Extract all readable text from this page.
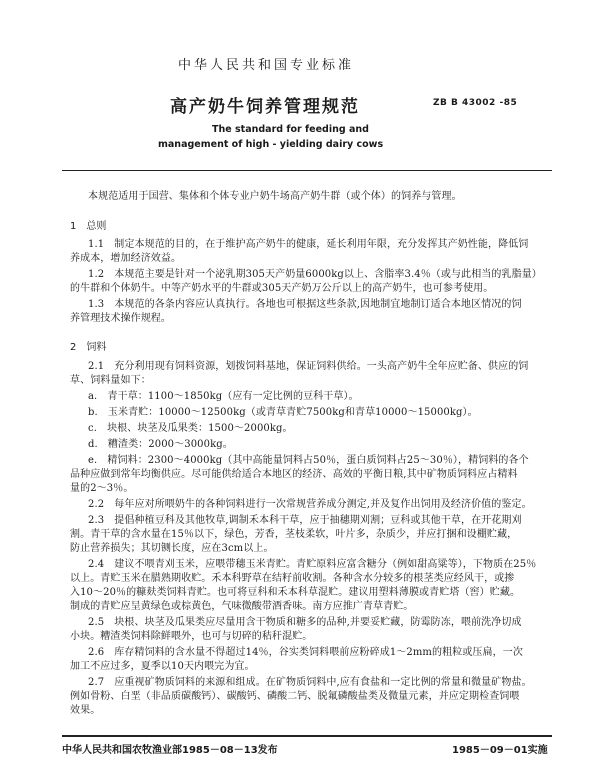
中华人民共和国专业标准
高产奶牛饲养管理规范	ZB B 43002 -85
The standard for feeding and
management of high - yielding dairy cows
本规范适用于国营、集体和个体专业户奶牛场高产奶牛群（或个体）的饲养与管理。
1　总则
1.1　制定本规范的目的，在于维护高产奶牛的健康，延长利用年限，充分发挥其产奶性能，降低饲
养成本，增加经济效益。
1.2　本规范主要是针对一个泌乳期305天产奶量6000kg以上、含脂率3.4％（或与此相当的乳脂量）
的牛群和个体奶牛。中等产奶水平的牛群或305天产奶万公斤以上的高产奶牛，也可参考使用。
1.3　本规范的各条内容应认真执行。各地也可根据这些条款,因地制宜地制订适合本地区情况的饲
养管理技术操作规程。
2　饲料
2.1　充分利用现有饲料资源，划拨饲料基地，保证饲料供给。一头高产奶牛全年应贮备、供应的饲
草、饲料量如下：
a.　青干草：1100～1850kg（应有一定比例的豆科干草）。
b.　玉米青贮：10000～12500kg（或青草青贮7500kg和青草10000～15000kg）。
c.　块根、块茎及瓜果类：1500～2000kg。
d.　糟渣类：2000～3000kg。
e.　精饲料：2300～4000kg（其中高能量饲料占50％，蛋白质饲料占25～30％），精饲料的各个
品种应做到常年均衡供应。尽可能供给适合本地区的经济、高效的平衡日粮,其中矿物质饲料应占精料
量的2～3％。
2.2　每年应对所喂奶牛的各种饲料进行一次常规营养成分测定,并及复作出饲用及经济价值的鉴定。
2.3　提倡种植豆科及其他牧草,调制禾本科干草，应于抽穗期刈割；豆科或其他干草，在开花期刈
割。青干草的含水量在15％以下，绿色，芳香，茎枝柔软，叶片多，杂质少，并应打捆和设棚贮藏，
防止营养损失；其切铡长度，应在3cm以上。
2.4　建议不喂青刈玉米，应喂带穗玉米青贮。青贮原料应富含糖分（例如甜高粱等），下物质在25％
以上。青贮玉米在腊熟期收贮。禾本科野草在结籽前收割。各种含水分较多的根茎类应经风干，或掺
入10～20％的糠麸类饲料青贮。也可将豆科和禾本科草混贮。建议用塑料薄膜或青贮塔（窖）贮藏。
制成的青贮应呈黄绿色或棕黄色，气味微酸带酒香味。南方应推广青草青贮。
2.5　块根、块茎及瓜果类应尽量用含干物质和糖多的品种,并要妥贮藏，防霉防冻，喂前洗净切成
小块。糟渣类饲料除鲜喂外，也可与切碎的秸秆混贮。
2.6　库存精饲料的含水量不得超过14％，谷实类饲料喂前应粉碎成1～2mm的粗粒或压扁，一次
加工不应过多，夏季以10天内喂完为宜。
2.7　应重视矿物质饲料的来源和组成。在矿物质饲料中,应有食盐和一定比例的常量和微量矿物盐。
例如骨粉、白垩（非品质碳酸钙）、碳酸钙、磷酸二钙、脱氟磷酸盐类及微量元素，并应定期检查饲喂
效果。
中华人民共和国农牧渔业部1985－08－13发布	1985－09－01实施
